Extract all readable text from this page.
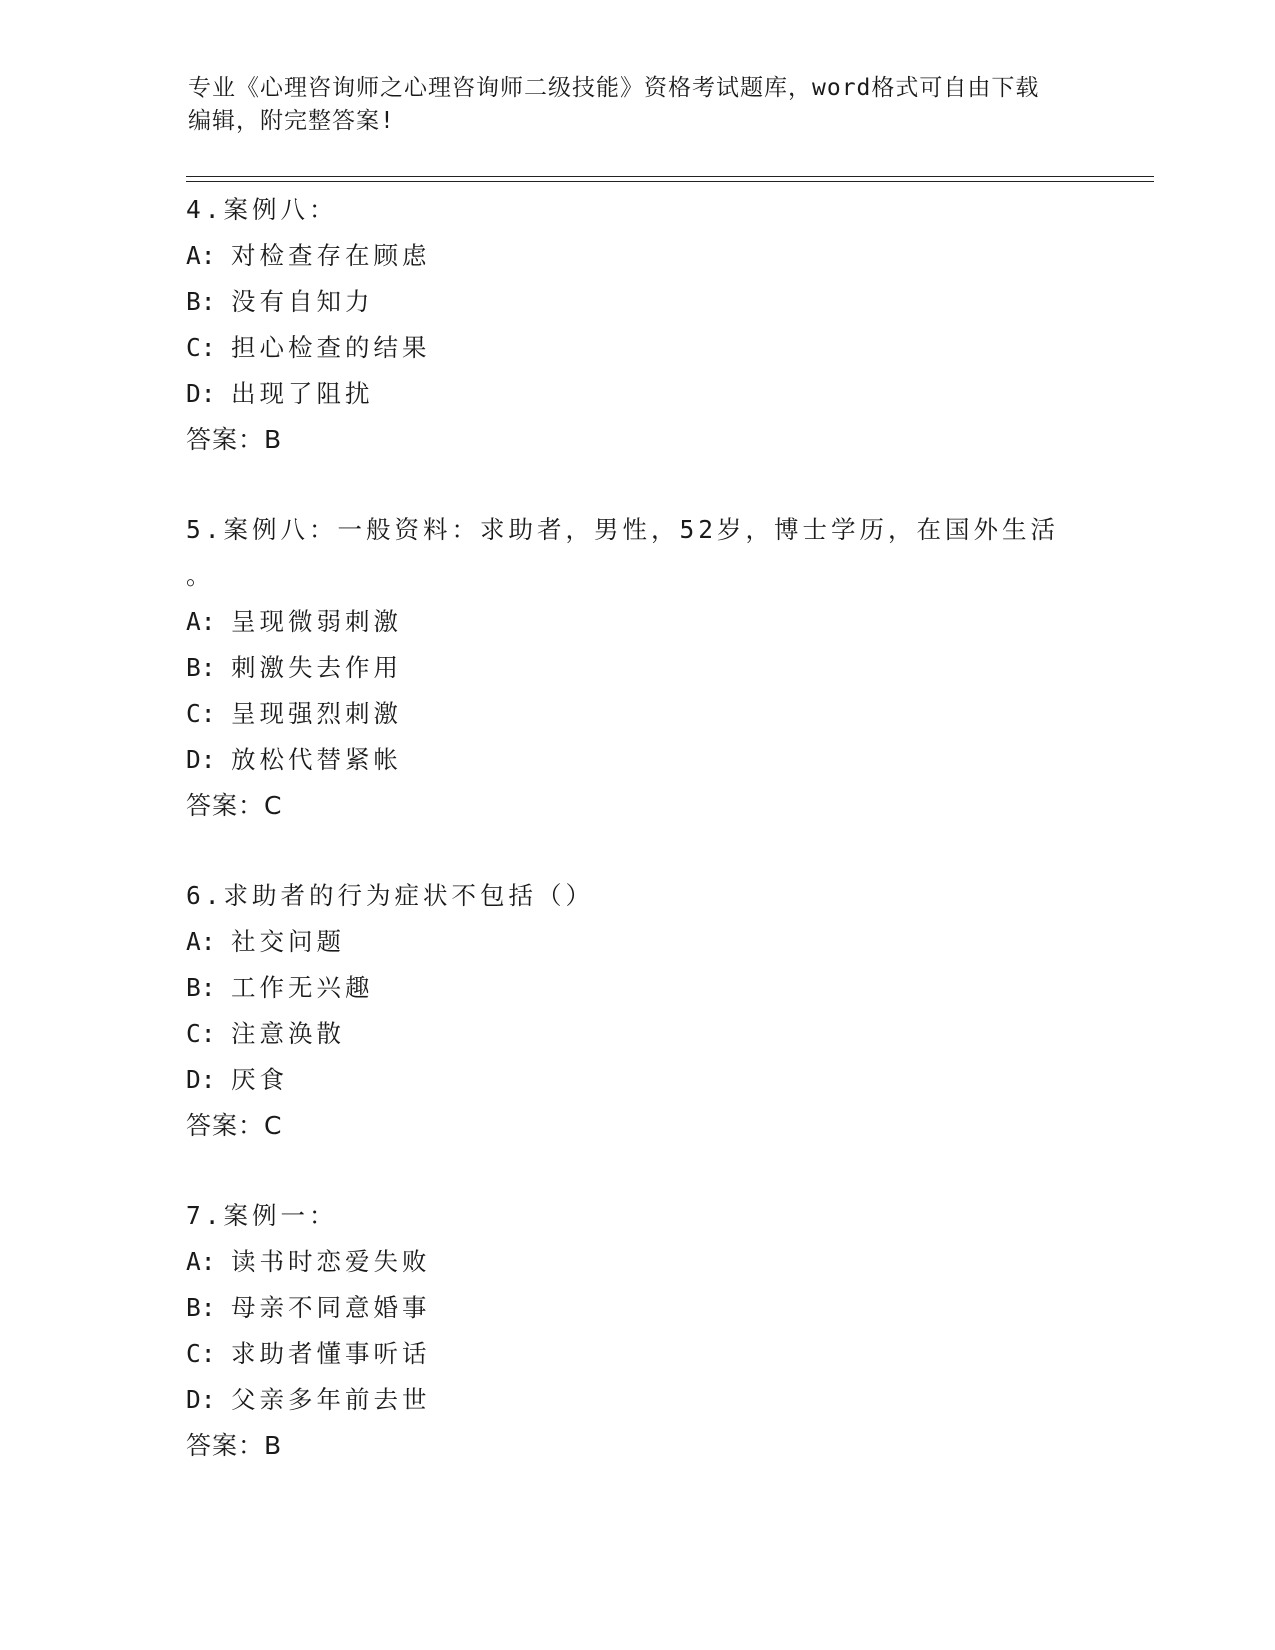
专业《心理咨询师之心理咨询师二级技能》资格考试题库，word格式可自由下载
编辑，附完整答案!
4.案例八：
A: 对检查存在顾虑
B: 没有自知力
C: 担心检查的结果
D: 出现了阻扰
答案：B
5.案例八：一般资料：求助者，男性，52岁，博士学历，在国外生活
。
A: 呈现微弱刺激
B: 刺激失去作用
C: 呈现强烈刺激
D: 放松代替紧帐
答案：C
6.求助者的行为症状不包括（）
A: 社交问题
B: 工作无兴趣
C: 注意涣散
D: 厌食
答案：C
7.案例一：
A: 读书时恋爱失败
B: 母亲不同意婚事
C: 求助者懂事听话
D: 父亲多年前去世
答案：B
